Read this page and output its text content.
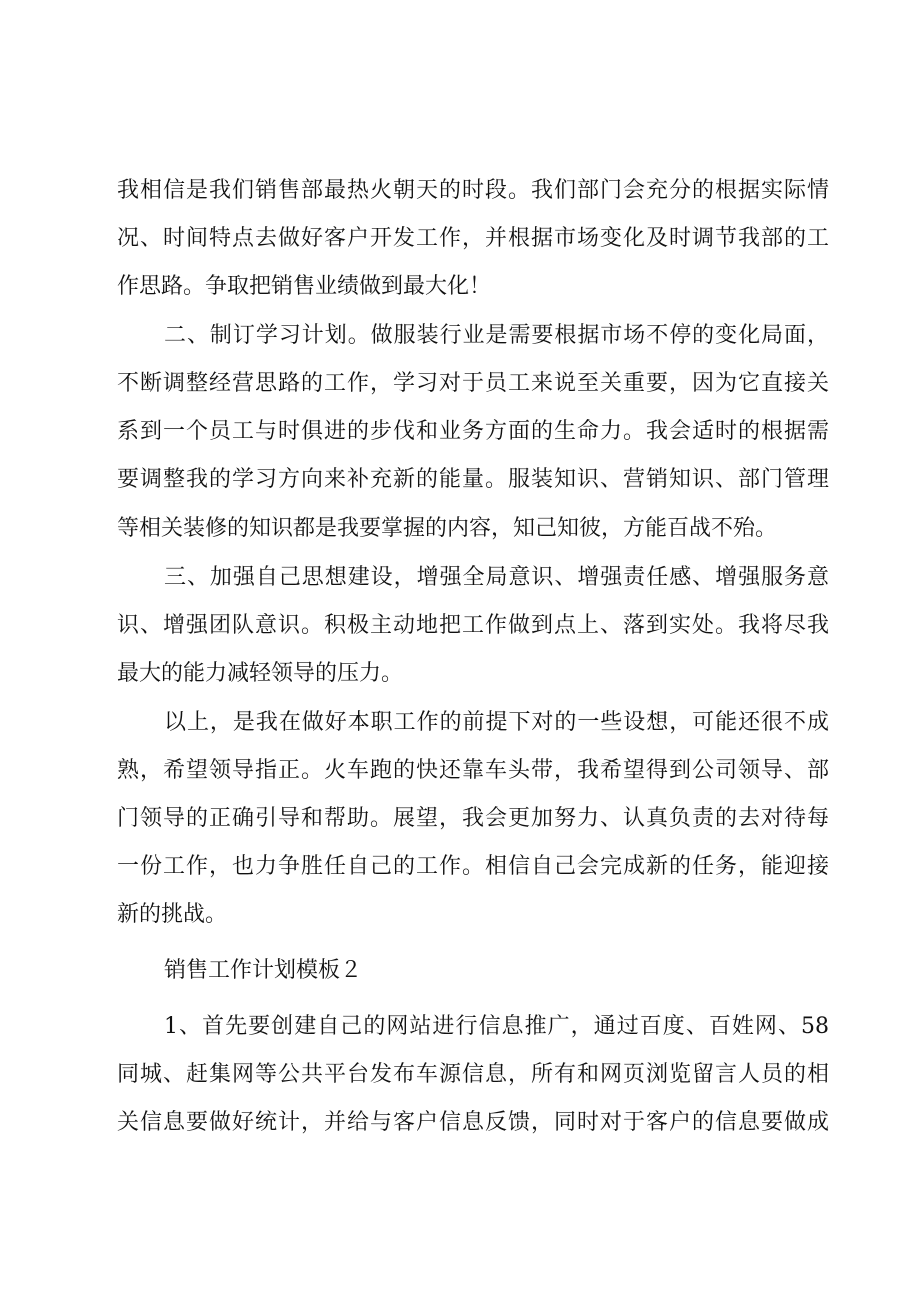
我相信是我们销售部最热火朝天的时段。我们部门会充分的根据实际情
况、时间特点去做好客户开发工作，并根据市场变化及时调节我部的工
作思路。争取把销售业绩做到最大化！
二、制订学习计划。做服装行业是需要根据市场不停的变化局面，
不断调整经营思路的工作，学习对于员工来说至关重要，因为它直接关
系到一个员工与时俱进的步伐和业务方面的生命力。我会适时的根据需
要调整我的学习方向来补充新的能量。服装知识、营销知识、部门管理
等相关装修的知识都是我要掌握的内容，知己知彼，方能百战不殆。
三、加强自己思想建设，增强全局意识、增强责任感、增强服务意
识、增强团队意识。积极主动地把工作做到点上、落到实处。我将尽我
最大的能力减轻领导的压力。
以上，是我在做好本职工作的前提下对的一些设想，可能还很不成
熟，希望领导指正。火车跑的快还靠车头带，我希望得到公司领导、部
门领导的正确引导和帮助。展望，我会更加努力、认真负责的去对待每
一份工作，也力争胜任自己的工作。相信自己会完成新的任务，能迎接
新的挑战。
销售工作计划模板２
1、首先要创建自己的网站进行信息推广，通过百度、百姓网、58
同城、赶集网等公共平台发布车源信息，所有和网页浏览留言人员的相
关信息要做好统计，并给与客户信息反馈，同时对于客户的信息要做成
